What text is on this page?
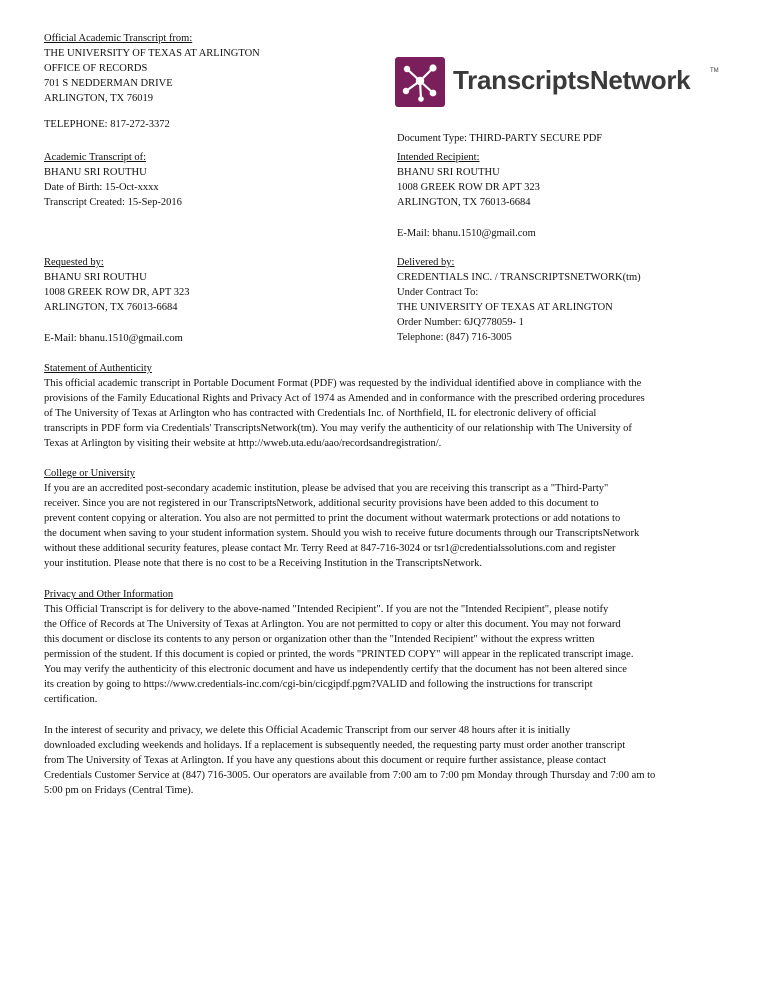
Official Academic Transcript from:
THE UNIVERSITY OF TEXAS AT ARLINGTON
OFFICE OF RECORDS
701 S NEDDERMAN DRIVE
ARLINGTON, TX 76019
TELEPHONE: 817-272-3372
TranscriptsNetwork	TM
Document Type: THIRD-PARTY SECURE PDF
Academic Transcript of:
BHANU SRI ROUTHU
Date of Birth: 15-Oct-xxxx
Transcript Created: 15-Sep-2016
Intended Recipient:
BHANU SRI ROUTHU
1008 GREEK ROW DR APT 323
ARLINGTON, TX 76013-6684
E-Mail: bhanu.1510@gmail.com
Requested by:
BHANU SRI ROUTHU
1008 GREEK ROW DR, APT 323
ARLINGTON, TX 76013-6684
E-Mail: bhanu.1510@gmail.com
Delivered by:
CREDENTIALS INC. / TRANSCRIPTSNETWORK(tm)
Under Contract To:
THE UNIVERSITY OF TEXAS AT ARLINGTON
Order Number: 6JQ778059- 1
Telephone: (847) 716-3005
Statement of Authenticity
This official academic transcript in Portable Document Format (PDF) was requested by the individual identified above in compliance with the
provisions of the Family Educational Rights and Privacy Act of 1974 as Amended and in conformance with the prescribed ordering procedures
of The University of Texas at Arlington who has contracted with Credentials Inc. of Northfield, IL for electronic delivery of official
transcripts in PDF form via Credentials' TranscriptsNetwork(tm). You may verify the authenticity of our relationship with The University of
Texas at Arlington by visiting their website at http://wweb.uta.edu/aao/recordsandregistration/.
College or University
If you are an accredited post-secondary academic institution, please be advised that you are receiving this transcript as a "Third-Party"
receiver. Since you are not registered in our TranscriptsNetwork, additional security provisions have been added to this document to
prevent content copying or alteration. You also are not permitted to print the document without watermark protections or add notations to
the document when saving to your student information system. Should you wish to receive future documents through our TranscriptsNetwork
without these additional security features, please contact Mr. Terry Reed at 847-716-3024 or tsr1@credentialssolutions.com and register
your institution. Please note that there is no cost to be a Receiving Institution in the TranscriptsNetwork.
Privacy and Other Information
This Official Transcript is for delivery to the above-named "Intended Recipient". If you are not the "Intended Recipient", please notify
the Office of Records at The University of Texas at Arlington. You are not permitted to copy or alter this document. You may not forward
this document or disclose its contents to any person or organization other than the "Intended Recipient" without the express written
permission of the student. If this document is copied or printed, the words "PRINTED COPY" will appear in the replicated transcript image.
You may verify the authenticity of this electronic document and have us independently certify that the document has not been altered since
its creation by going to https://www.credentials-inc.com/cgi-bin/cicgipdf.pgm?VALID and following the instructions for transcript
certification.
In the interest of security and privacy, we delete this Official Academic Transcript from our server 48 hours after it is initially
downloaded excluding weekends and holidays. If a replacement is subsequently needed, the requesting party must order another transcript
from The University of Texas at Arlington. If you have any questions about this document or require further assistance, please contact
Credentials Customer Service at (847) 716-3005. Our operators are available from 7:00 am to 7:00 pm Monday through Thursday and 7:00 am to
5:00 pm on Fridays (Central Time).
